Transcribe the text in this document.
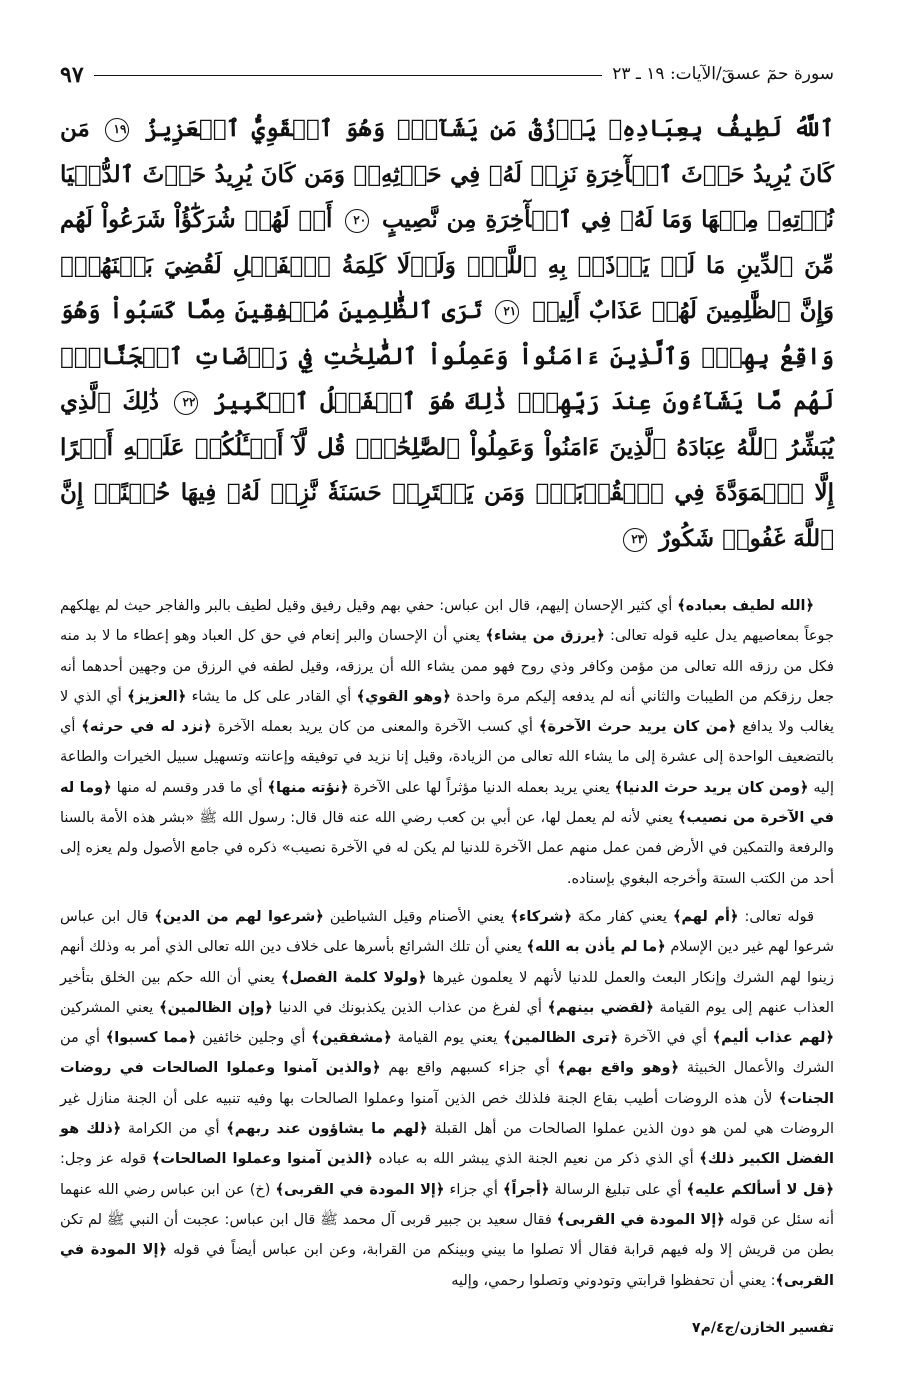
سورة حمٓ عسقٓ/الآيات: ١٩ ـ ٢٣
٩٧
ٱللَّهُ لَطِيفُۢ بِعِبَادِهِۦ يَرۡزُقُ مَن يَشَآءُۖ وَهُوَ ٱلۡقَوِيُّ ٱلۡعَزِيزُ ١٩ مَن كَانَ يُرِيدُ حَرۡثَ ٱلۡأٓخِرَةِ نَزِدۡ لَهُۥ فِي حَرۡثِهِۦۖ وَمَن كَانَ يُرِيدُ حَرۡثَ ٱلدُّنۡيَا نُؤۡتِهِۦ مِنۡهَا وَمَا لَهُۥ فِي ٱلۡأٓخِرَةِ مِن نَّصِيبٍ ٢٠ أَمۡ لَهُمۡ شُرَكَٰٓؤُاْ شَرَعُواْ لَهُم مِّنَ ٱلدِّينِ مَا لَمۡ يَأۡذَنۢ بِهِ ٱللَّهُۚ وَلَوۡلَا كَلِمَةُ ٱلۡفَصۡلِ لَقُضِيَ بَيۡنَهُمۡۗ وَإِنَّ ٱلظَّٰلِمِينَ لَهُمۡ عَذَابٌ أَلِيمٞ ٢١ تَرَى ٱلظَّٰلِمِينَ مُشۡفِقِينَ مِمَّا كَسَبُواْ وَهُوَ وَاقِعُۢ بِهِمۡۗ وَٱلَّذِينَ ءَامَنُواْ وَعَمِلُواْ ٱلصَّٰلِحَٰتِ فِي رَوۡضَاتِ ٱلۡجَنَّاتِۖ لَهُم مَّا يَشَآءُونَ عِندَ رَبِّهِمۡۚ ذَٰلِكَ هُوَ ٱلۡفَضۡلُ ٱلۡكَبِيرُ ٢٢ ذَٰلِكَ ٱلَّذِي يُبَشِّرُ ٱللَّهُ عِبَادَهُ ٱلَّذِينَ ءَامَنُواْ وَعَمِلُواْ ٱلصَّٰلِحَٰتِۗ قُل لَّآ أَسۡـَٔلُكُمۡ عَلَيۡهِ أَجۡرًا إِلَّا ٱلۡمَوَدَّةَ فِي ٱلۡقُرۡبَىٰۗ وَمَن يَقۡتَرِفۡ حَسَنَةٗ نَّزِدۡ لَهُۥ فِيهَا حُسۡنًاۚ إِنَّ ٱللَّهَ غَفُورٞ شَكُورٌ ٢٣

﴿الله لطيف بعباده﴾ أي كثير الإحسان إليهم، قال ابن عباس: حفي بهم وقيل رفيق وقيل لطيف بالبر والفاجر حيث لم يهلكهم جوعاً بمعاصيهم يدل عليه قوله تعالى: ﴿يرزق من يشاء﴾ يعني أن الإحسان والبر إنعام في حق كل العباد وهو إعطاء ما لا بد منه فكل من رزقه الله تعالى من مؤمن وكافر وذي روح فهو ممن يشاء الله أن يرزقه، وقيل لطفه في الرزق من وجهين أحدهما أنه جعل رزقكم من الطيبات والثاني أنه لم يدفعه إليكم مرة واحدة ﴿وهو القوي﴾ أي القادر على كل ما يشاء ﴿العزيز﴾ أي الذي لا يغالب ولا يدافع ﴿من كان يريد حرث الآخرة﴾ أي كسب الآخرة والمعنى من كان يريد بعمله الآخرة ﴿نزد له في حرثه﴾ أي بالتضعيف الواحدة إلى عشرة إلى ما يشاء الله تعالى من الزيادة، وقيل إنا نزيد في توفيقه وإعانته وتسهيل سبيل الخيرات والطاعة إليه ﴿ومن كان يريد حرث الدنيا﴾ يعني يريد بعمله الدنيا مؤثراً لها على الآخرة ﴿نؤته منها﴾ أي ما قدر وقسم له منها ﴿وما له في الآخرة من نصيب﴾ يعني لأنه لم يعمل لها، عن أبي بن كعب رضي الله عنه قال قال: رسول الله ﷺ «بشر هذه الأمة بالسنا والرفعة والتمكين في الأرض فمن عمل منهم عمل الآخرة للدنيا لم يكن له في الآخرة نصيب» ذكره في جامع الأصول ولم يعزه إلى أحد من الكتب الستة وأخرجه البغوي بإسناده.

قوله تعالى: ﴿أم لهم﴾ يعني كفار مكة ﴿شركاء﴾ يعني الأصنام وقيل الشياطين ﴿شرعوا لهم من الدين﴾ قال ابن عباس شرعوا لهم غير دين الإسلام ﴿ما لم يأذن به الله﴾ يعني أن تلك الشرائع بأسرها على خلاف دين الله تعالى الذي أمر به وذلك أنهم زينوا لهم الشرك وإنكار البعث والعمل للدنيا لأنهم لا يعلمون غيرها ﴿ولولا كلمة الفصل﴾ يعني أن الله حكم بين الخلق بتأخير العذاب عنهم إلى يوم القيامة ﴿لقضي بينهم﴾ أي لفرغ من عذاب الذين يكذبونك في الدنيا ﴿وإن الظالمين﴾ يعني المشركين ﴿لهم عذاب أليم﴾ أي في الآخرة ﴿ترى الظالمين﴾ يعني يوم القيامة ﴿مشفقين﴾ أي وجلين خائفين ﴿مما كسبوا﴾ أي من الشرك والأعمال الخبيثة ﴿وهو واقع بهم﴾ أي جزاء كسبهم واقع بهم ﴿والذين آمنوا وعملوا الصالحات في روضات الجنات﴾ لأن هذه الروضات أطيب بقاع الجنة فلذلك خص الذين آمنوا وعملوا الصالحات بها وفيه تنبيه على أن الجنة منازل غير الروضات هي لمن هو دون الذين عملوا الصالحات من أهل القبلة ﴿لهم ما يشاؤون عند ربهم﴾ أي من الكرامة ﴿ذلك هو الفضل الكبير ذلك﴾ أي الذي ذكر من نعيم الجنة الذي يبشر الله به عباده ﴿الذين آمنوا وعملوا الصالحات﴾ قوله عز وجل: ﴿قل لا أسألكم عليه﴾ أي على تبليغ الرسالة ﴿أجراً﴾ أي جزاء ﴿إلا المودة في القربى﴾ (خ) عن ابن عباس رضي الله عنهما أنه سئل عن قوله ﴿إلا المودة في القربى﴾ فقال سعيد بن جبير قربى آل محمد ﷺ قال ابن عباس: عجبت أن النبي ﷺ لم تكن بطن من قريش إلا وله فيهم قرابة فقال ألا تصلوا ما بيني وبينكم من القرابة، وعن ابن عباس أيضاً في قوله ﴿إلا المودة في القربى﴾: يعني أن تحفظوا قرابتي وتودوني وتصلوا رحمي، وإليه

تفسير الخازن/ج٤/م٧
